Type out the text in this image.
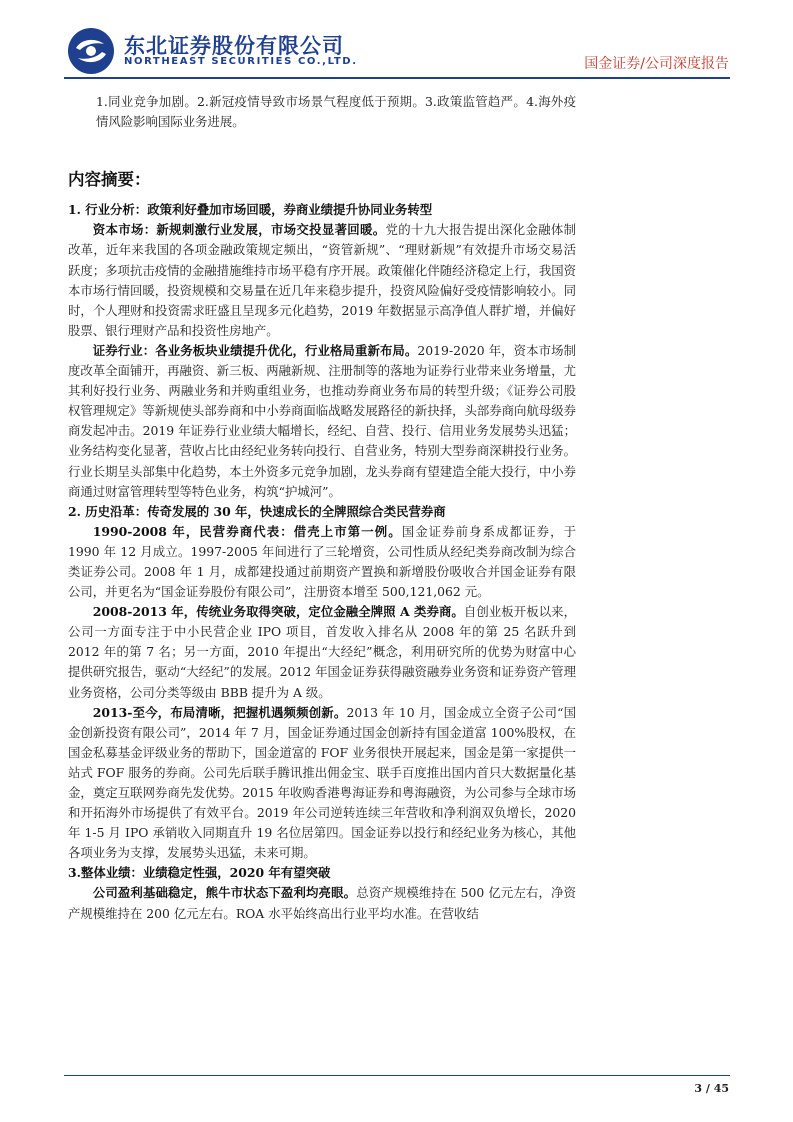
东北证券股份有限公司
NORTHEAST SECURITIES CO.,LTD.	国金证券/公司深度报告

1.同业竞争加剧。2.新冠疫情导致市场景气程度低于预期。3.政策监管趋严。4.海外疫情风险影响国际业务进展。

内容摘要：

1. 行业分析：政策利好叠加市场回暖，券商业绩提升协同业务转型

资本市场：新规刺激行业发展，市场交投显著回暖。党的十九大报告提出深化金融体制改革，近年来我国的各项金融政策规定频出，“资管新规”、“理财新规”有效提升市场交易活跃度；多项抗击疫情的金融措施维持市场平稳有序开展。政策催化伴随经济稳定上行，我国资本市场行情回暖，投资规模和交易量在近几年来稳步提升，投资风险偏好受疫情影响较小。同时，个人理财和投资需求旺盛且呈现多元化趋势，2019 年数据显示高净值人群扩增，并偏好股票、银行理财产品和投资性房地产。

证券行业：各业务板块业绩提升优化，行业格局重新布局。2019-2020 年，资本市场制度改革全面铺开，再融资、新三板、两融新规、注册制等的落地为证券行业带来业务增量，尤其利好投行业务、两融业务和并购重组业务，也推动券商业务布局的转型升级；《证券公司股权管理规定》等新规使头部券商和中小券商面临战略发展路径的新抉择，头部券商向航母级券商发起冲击。2019 年证券行业业绩大幅增长，经纪、自营、投行、信用业务发展势头迅猛；业务结构变化显著，营收占比由经纪业务转向投行、自营业务，特别大型券商深耕投行业务。行业长期呈头部集中化趋势，本土外资多元竞争加剧，龙头券商有望建造全能大投行，中小券商通过财富管理转型等特色业务，构筑“护城河”。

2. 历史沿革：传奇发展的 30 年，快速成长的全牌照综合类民营券商

1990-2008 年，民营券商代表：借壳上市第一例。国金证券前身系成都证券，于 1990 年 12 月成立。1997-2005 年间进行了三轮增资，公司性质从经纪类券商改制为综合类证券公司。2008 年 1 月，成都建投通过前期资产置换和新增股份吸收合并国金证券有限公司，并更名为“国金证券股份有限公司”，注册资本增至 500,121,062 元。

2008-2013 年，传统业务取得突破，定位金融全牌照 A 类券商。自创业板开板以来，公司一方面专注于中小民营企业 IPO 项目，首发收入排名从 2008 年的第 25 名跃升到 2012 年的第 7 名；另一方面，2010 年提出“大经纪”概念，利用研究所的优势为财富中心提供研究报告，驱动“大经纪”的发展。2012 年国金证券获得融资融券业务资和证券资产管理业务资格，公司分类等级由 BBB 提升为 A 级。

2013-至今，布局清晰，把握机遇频频创新。2013 年 10 月，国金成立全资子公司“国金创新投资有限公司”，2014 年 7 月，国金证券通过国金创新持有国金道富 100%股权，在国金私募基金评级业务的帮助下，国金道富的 FOF 业务很快开展起来，国金是第一家提供一站式 FOF 服务的券商。公司先后联手腾讯推出佣金宝、联手百度推出国内首只大数据量化基金，奠定互联网券商先发优势。2015 年收购香港粤海证券和粤海融资，为公司参与全球市场和开拓海外市场提供了有效平台。2019 年公司逆转连续三年营收和净利润双负增长，2020 年 1-5 月 IPO 承销收入同期直升 19 名位居第四。国金证券以投行和经纪业务为核心，其他各项业务为支撑，发展势头迅猛，未来可期。

3.整体业绩：业绩稳定性强，2020 年有望突破

公司盈利基础稳定，熊牛市状态下盈利均亮眼。总资产规模维持在 500 亿元左右，净资产规模维持在 200 亿元左右。ROA 水平始终高出行业平均水准。在营收结

3 / 45
